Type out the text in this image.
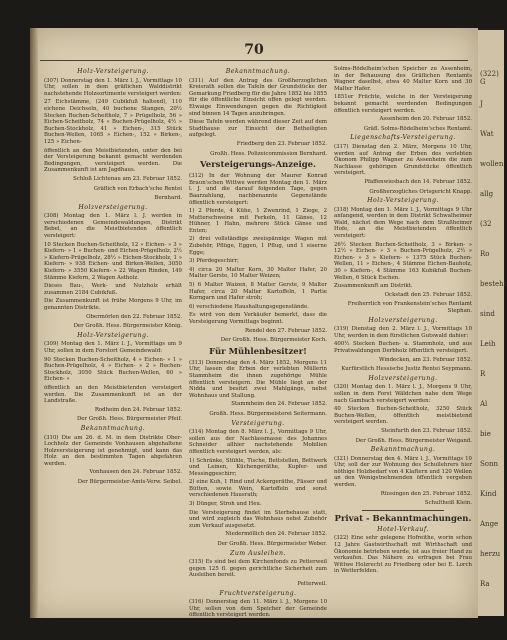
70
Holz-Versteigerung.

(307) Donnerstag den 1. März l. J., Vormittags 10 Uhr, sollen in dem gräflichen Walddistrikt nachstehende Holzsortimente versteigert werden:

27 Eichstämme, (249 Cubikfuß haltend), 110 eichene Deichseln, 40 buchene Stangen, 20½ Stecken Buchen-Scheitholz, 7 » Prügelholz, 56 » Eichen-Scheitholz, 74 » Buchen-Prügelholz, 4½ » Buchen-Stockholz, 41 » Eichen-, 315 Stück Buchen-Wellen, 1065 » Eichen-, 152 » Birken-, 125 » Eichen-

öffentlich an den Meistbietenden, unter den bei der Versteigerung bekannt gemacht werdenden Bedingungen, versteigert werden. Die Zusammenkunft ist am Jagdhaus.

Schloß Lichtenau am 23. Februar 1852.
Gräflich von Erbach'sche Rentei
Bernhard.
Holzversteigerung.

(308) Montag den 1. März l. J. werden in verschiedenen Gemeindewaldungen, Distrikt Bebel, an die Meistbietenden öffentlich versteigert:

10 Stecken Buchen-Scheitholz, 12 » Eichen- » 3 » Kiefern- » 1 » Buchen- und Eichen-Prügelholz, 2½ » Kiefern-Prügelholz, 28½ » Eichen-Stockholz, 1 » Kiefern- » 938 Eichen- und Birken-Wellen, 3050 Kiefern- » 3550 Kiefern- » 22 Wagen Rinden, 149 Stämme Kiefern, 2 Wagen Astholz.

Dieses Bau-, Werk- und Nutzholz erhält zusammen 2184 Cubikfuß.

Die Zusammenkunft ist frühe Morgens 9 Uhr, im genannten Distrikte.

Obermörlen den 22. Februar 1852.
Der Großh. Hess. Bürgermeister König.
Holz-Versteigerung.

(309) Montag den 1. März l. J., Vormittags um 9 Uhr, sollen in dem Forstort Gemeindewald:

90 Stecken Buchen-Scheitholz, 4 » Eichen- » 1 » Buchen-Prügelholz, 4 » Eichen- » 2 » Buchen-Stockholz, 3050 Stück Buchen-Wellen, 60 » Eichen- »

öffentlich an den Meistbietenden versteigert werden. Die Zusammenkunft ist an der Landstraße.

Rodheim den 24. Februar 1852.
Der Großh. Hess. Bürgermeister Pfeif.
Bekanntmachung.

(310) Die am 26. d. M. in dem Distrikte Ober-Lochholz der Gemeinde Vonhausen abgehaltene Holzversteigerung ist genehmigt, und kann das Holz an den bestimmten Tagen abgefahren werden.

Vonhausen den 24. Februar 1852.
Der Bürgermeister-Amts-Verw. Seibel.
Bekanntmachung.

(311) Auf den Antrag des Großherzoglichen Kreisrath sollen die Tafeln der Grundstücke der Gemarkung Friedberg für die Jahre 1852 bis 1855 für die öffentliche Einsicht offen gelegt werden. Etwaige Einwendungen gegen die Richtigkeit sind binnen 14 Tagen anzubringen.

Diese Tafeln werden während dieser Zeit auf dem Stadthause zur Einsicht der Betheiligten aufgelegt.

Friedberg den 23. Februar 1852.
Großh. Hess. Polizeicommission Bernhard.
Versteigerungs-Anzeige.

(312) In der Wohnung der Maurer Konrad Braun'schen Wittwe werden Montag den 1. März l. J. und die darauf folgenden Tage, gegen Baarzahlung, nachbenannte Gegenstände öffentlich versteigert:

1) 2 Pferde, 4 Kühe, 1 Zwenrind, 1 Ziege, 2 Mutterschweine mit Ferkeln, 11 Gänse, 12 Hühner, 1 Hahn, mehrere Stück Gänse und Enten;

2) drei vollständige zweispännige Wagen mit Zubehör, Pflüge, Eggen, 1 Pflug, und 1 eiserne Egge;

3) Pferdegeschirr;

4) circa 20 Malter Korn, 30 Malter Hafer, 20 Malter Gerste, 10 Malter Weizen;

5) 6 Malter Waizen, 8 Malter Gerste, 9 Malter Hafer, circa 20 Malter Kartoffeln, 1 Partie Korngarn und Hafer stroh;

6) verschiedene Haushaltungsgegenstände.

Es wird von dem Verkäufer bemerkt, dass die Versteigerung Vormittags beginnt.

Rendel den 27. Februar 1852.
Der Großh. Hess. Bürgermeister Koch.
Für Mühlenbesitzer!

(313) Donnerstag den 4. März 1852, Morgens 11 Uhr, lassen die Erben der verlebten Müllerin Stammheim die ihnen zugehörige Mühle öffentlich versteigern. Die Mühle liegt an der Nidda und besitzt zwei Mahlgänge, nebst Wohnhaus und Stallung.

Stammheim den 24. Februar 1852.
Großh. Hess. Bürgermeisterei Seitermann.
Versteigerung.

(314) Montag den 8. März l. J., Vormittags 9 Uhr, sollen aus der Nachlassmasse des Johannes Schneider allhier nachstehende Mobilien öffentlich versteigert werden, als:

1) Schränke, Stühle, Tische, Bettstellen, Bettwerk und Leinen, Küchengeräthe, Kupfer- und Messinggeschirr;

2) eine Kuh, 1 Rind und Ackergeräthe, Fässer und Bütten, sowie Wein, Kartoffeln und sonst verschiedenen Hausrath;

3) Dünger, Stroh und Heu.

Die Versteigerung findet im Sterbehause statt, und wird zugleich das Wohnhaus nebst Zubehör zum Verkauf ausgesetzt.

Niedermöllich den 24. Februar 1852.
Der Großh. Hess. Bürgermeister Weber.
Zum Ausleihen.

(315) Es sind bei dem Kirchenfonds zu Petterweil gegen 125 fl. gegen gerichtliche Sicherheit zum Ausleihen bereit.

Petterweil.
Fruchtversteigerung.

(316) Donnerstag den 11. März l. J., Morgens 10 Uhr, sollen von dem Speicher der Gemeinde öffentlich versteigert werden.

Solms-Rödelheim'schen Speicher zu Assenheim, in der Behausung des Gräflichen Rentamts Wagner daselbst, etwa 40 Malter Korn und 30 Malter Hafer.

1851er Früchte, welche in der Versteigerung bekannt gemacht werdenden Bedingungen öffentlich versteigert werden.

Assenheim den 20. Februar 1852.
Gräfl. Solms-Rödelheim'sches Rentamt.
Liegenschafts-Versteigerung.

(317) Dienstag den 2. März, Morgens 10 Uhr, werden auf Antrag der Erben des verlebten Ökonom Philipp Wagner zu Assenheim die zum Nachlasse gehörigen Grundstücke öffentlich versteigert.

Pfaffenwiesbach den 14. Februar 1852.
Großherzogliches Ortsgericht Knapp.
Holz-Versteigerung.

(318) Montag den 1. März l. J., Vormittags 9 Uhr anfangend, werden in dem Distrikt Schwalheimer Wald, nächst dem Wege nach dem Straßheimer Hofe, an die Meistbietenden öffentlich versteigert:

26½ Stecken Buchen-Scheitholz, 3 » Birken- » 12½ » Eichen- » 3 » Buchen-Prügelholz, 2½ » Eichen- » 3 » Kiefern- » 1375 Stück Buchen-Wellen, 11 » Eichen-, 4 Stämme Eichen-Bauholz, 30 » Kiefern-, 4 Stämme 163 Kubikfuß Buchen-Wellen, 6 Stück Eschen.

Zusammenkunft am Distrikt.

Ockstadt den 25. Februar 1852.
Freiherrlich von Frankenstein'sches Rentamt Stephan.
Holzversteigerung.

(319) Dienstag den 2. März l. J., Vormittags 10 Uhr, werden in dem fürstlichen Gutswald dahier:

400½ Stecken Buchen- u. Stammholz, und aus Privatwaldungen Derbholz öffentlich versteigert.

Windecken, am 23. Februar 1852.
Kurfürstlich Hessische Justiz Rentei Seypmann.
Holzversteigerung.

(320) Montag den 1. März l. J., Morgens 9 Uhr, sollen in dem Forst Wäldchen nahe dem Wege nach Gambach versteigert werden:

40 Stecken Buchen-Scheitholz, 3250 Stück Buchen-Wellen, öffentlich meistbietend versteigert werden.

Steinfurth den 23. Februar 1852.
Der Großh. Hess. Bürgermeister Weigand.
Bekanntmachung.

(321) Donnerstag den 4. März l. J., Vormittags 10 Uhr, soll der zur Wohnung des Schullehrers hier nöthige Holzbedarf von 4 Klaftern und 120 Wellen an den Wenigstnehmenden öffentlich vergeben werden.

Rüssingen den 25. Februar 1852.
Schultheiß Klein.
Privat - Bekanntmachungen.
Hotel-Verkauf.

(322) Eine sehr gelegene Hofreithe, worin schon 12 Jahre Gastwirthschaft mit Wirthschaft und Ökonomie betrieben wurde, ist aus freier Hand zu verkaufen. Das Nähere zu erfragen bei Frau Wittwe Holzrecht zu Friedberg oder bei E. Lorch in Wetterfelden.

(322) G
J
Wat
wollen
allg
(32
Ro
besteht
sind
Leih
R
Al
bie
Sonn
Kind
Ange
herzu
Ra
